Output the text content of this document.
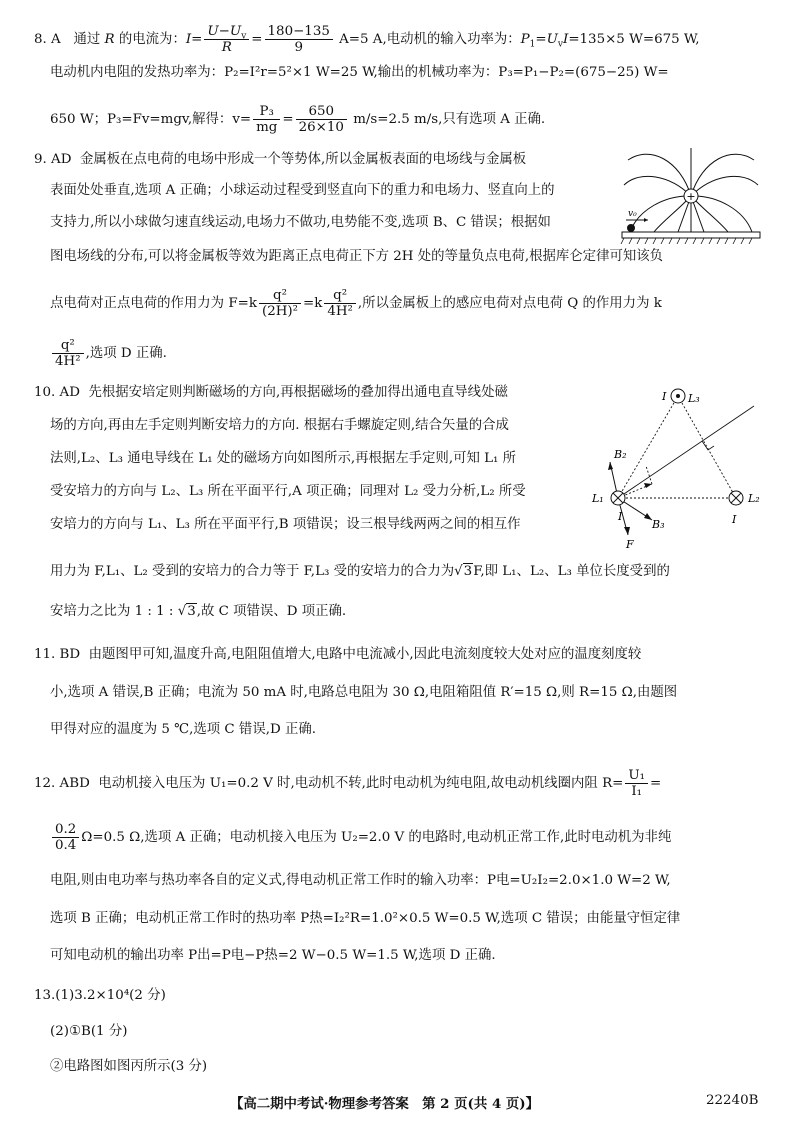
8. A 通过 R 的电流为：$I= \frac{U-U_v}{R} = \frac{180-135}{9} A=5$ A,电动机的输入功率为：$P_1=U_vI=135\times 5$ W=675 W,
电动机内电阻的发热功率为：P₂=I²r=5²×1 W=25 W,输出的机械功率为：P₃=P₁−P₂=(675−25) W=
650 W；P₃=Fv=mgv,解得：$v= \frac{\text{P₃}}{mg} = \frac{650}{26\times 10} m/s=2.5$ m/s,只有选项 A 正确.
9. AD 金属板在点电荷的电场中形成一个等势体,所以金属板表面的电场线与金属板
表面处处垂直,选项 A 正确；小球运动过程受到竖直向下的重力和电场力、竖直向上的
支持力,所以小球做匀速直线运动,电场力不做功,电势能不变,选项 B、C 错误；根据如
图电场线的分布,可以将金属板等效为距离正点电荷正下方 2H 处的等量负点电荷,根据库仑定律可知该负
点电荷对正点电荷的作用力为 $F=k \frac{\text{q²}}{\text{(2H)²}} =k \frac{\text{q²}}{\text{4H²}}$ ,所以金属板上的感应电荷对点电荷 Q 的作用力为 k
$\frac{\text{q²}}{\text{4H²}}$ ,选项 D 正确.
+
v₀
10. AD 先根据安培定则判断磁场的方向,再根据磁场的叠加得出通电直导线处磁
场的方向,再由左手定则判断安培力的方向. 根据右手螺旋定则,结合矢量的合成
法则,L₂、L₃ 通电导线在 L₁ 处的磁场方向如图所示,再根据左手定则,可知 L₁ 所
受安培力的方向与 L₂、L₃ 所在平面平行,A 项正确；同理对 L₂ 受力分析,L₂ 所受
安培力的方向与 L₁、L₃ 所在平面平行,B 项错误；设三根导线两两之间的相互作
用力为 F,L₁、L₂ 受到的安培力的合力等于 F,L₃ 受的安培力的合力为√3F,即 L₁、L₂、L₃ 单位长度受到的
安培力之比为 1 : 1 : √3,故 C 项错误、D 项正确.
I L₃
B₂
L₁	L₂
I
B₃
F
I
11. BD 由题图甲可知,温度升高,电阻阻值增大,电路中电流减小,因此电流刻度较大处对应的温度刻度较
小,选项 A 错误,B 正确；电流为 50 mA 时,电路总电阻为 30 Ω,电阻箱阻值 R′=15 Ω,则 R=15 Ω,由题图
甲得对应的温度为 5 ℃,选项 C 错误,D 正确.
12. ABD 电动机接入电压为 U₁=0.2 V 时,电动机不转,此时电动机为纯电阻,故电动机线圈内阻 $R= \frac{\text{U₁}}{\text{I₁}}$ =
$\frac{0.2}{0.4} \Omega=0.5$ Ω,选项 A 正确；电动机接入电压为 U₂=2.0 V 的电路时,电动机正常工作,此时电动机为非纯
电阻,则由电功率与热功率各自的定义式,得电动机正常工作时的输入功率：P电=U₂I₂=2.0×1.0 W=2 W,
选项 B 正确；电动机正常工作时的热功率 P热=I₂²R=1.0²×0.5 W=0.5 W,选项 C 错误；由能量守恒定律
可知电动机的输出功率 P出=P电−P热=2 W−0.5 W=1.5 W,选项 D 正确.
13.(1)3.2×10⁴(2 分)
(2)①B(1 分)
②电路图如图丙所示(3 分)
【高二期中考试·物理参考答案　第 2 页(共 4 页)】	22240B
